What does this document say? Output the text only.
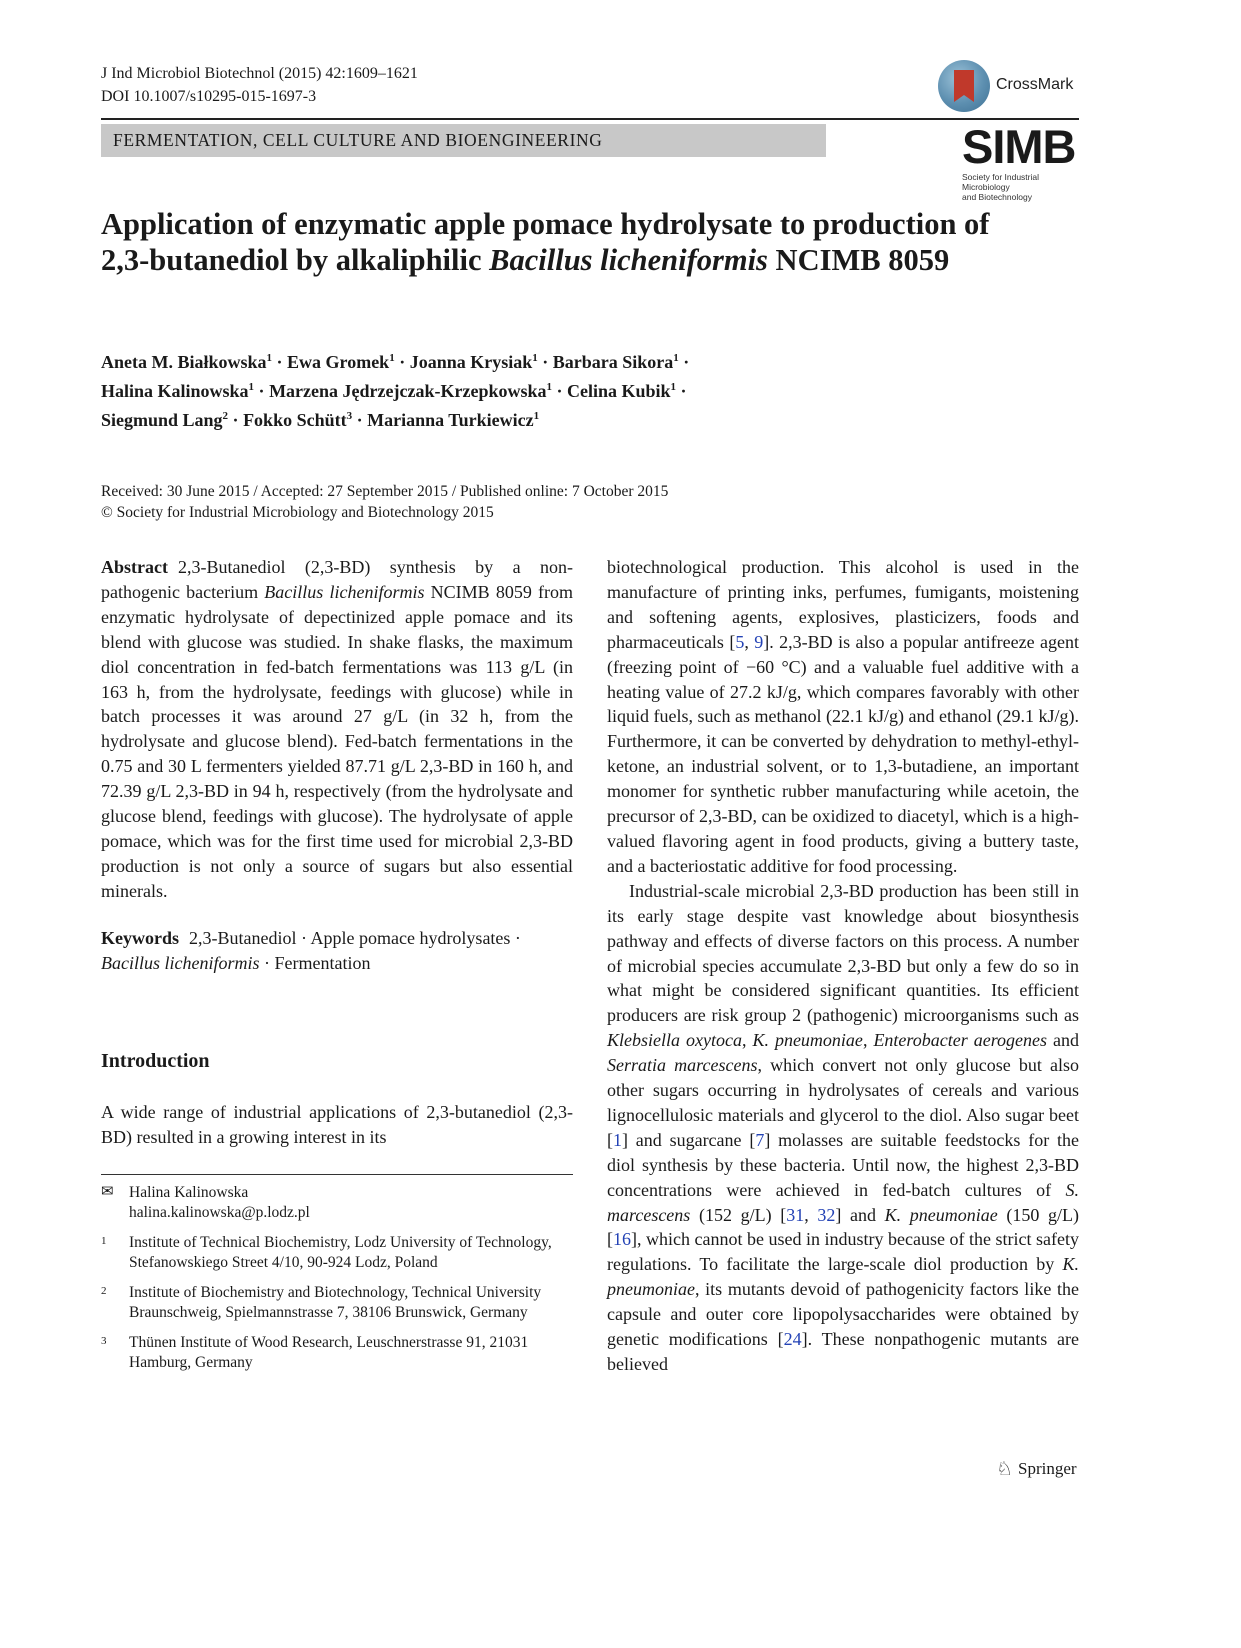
J Ind Microbiol Biotechnol (2015) 42:1609–1621
DOI 10.1007/s10295-015-1697-3
CrossMark
FERMENTATION, CELL CULTURE AND BIOENGINEERING	SIMB
Society for Industrial Microbiology
and Biotechnology
Application of enzymatic apple pomace hydrolysate to production of 2,3-butanediol by alkaliphilic Bacillus licheniformis NCIMB 8059
Aneta M. Białkowska$^1$ · Ewa Gromek$^1$ · Joanna Krysiak$^1$ · Barbara Sikora$^1$ ·
Halina Kalinowska$^1$ · Marzena Jędrzejczak-Krzepkowska$^1$ · Celina Kubik$^1$ ·
Siegmund Lang$^2$ · Fokko Schütt$^3$ · Marianna Turkiewicz$^1$
Received: 30 June 2015 / Accepted: 27 September 2015 / Published online: 7 October 2015
© Society for Industrial Microbiology and Biotechnology 2015

Abstract 2,3-Butanediol (2,3-BD) synthesis by a non-pathogenic bacterium Bacillus licheniformis NCIMB 8059 from enzymatic hydrolysate of depectinized apple pomace and its blend with glucose was studied. In shake flasks, the maximum diol concentration in fed-batch fermentations was 113 g/L (in 163 h, from the hydrolysate, feedings with glucose) while in batch processes it was around 27 g/L (in 32 h, from the hydrolysate and glucose blend). Fed-batch fermentations in the 0.75 and 30 L fermenters yielded 87.71 g/L 2,3-BD in 160 h, and 72.39 g/L 2,3-BD in 94 h, respectively (from the hydrolysate and glucose blend, feedings with glucose). The hydrolysate of apple pomace, which was for the first time used for microbial 2,3-BD production is not only a source of sugars but also essential minerals.

Keywords 2,3-Butanediol · Apple pomace hydrolysates · Bacillus licheniformis · Fermentation

Introduction
A wide range of industrial applications of 2,3-butanediol (2,3-BD) resulted in a growing interest in its
✉ Halina Kalinowska
halina.kalinowska@p.lodz.pl
1	Institute of Technical Biochemistry, Lodz University of Technology, Stefanowskiego Street 4/10, 90-924 Lodz, Poland
2	Institute of Biochemistry and Biotechnology, Technical University Braunschweig, Spielmannstrasse 7, 38106 Brunswick, Germany
3	Thünen Institute of Wood Research, Leuschnerstrasse 91, 21031 Hamburg, Germany

biotechnological production. This alcohol is used in the manufacture of printing inks, perfumes, fumigants, moistening and softening agents, explosives, plasticizers, foods and pharmaceuticals [5, 9]. 2,3-BD is also a popular antifreeze agent (freezing point of −60 °C) and a valuable fuel additive with a heating value of 27.2 kJ/g, which compares favorably with other liquid fuels, such as methanol (22.1 kJ/g) and ethanol (29.1 kJ/g). Furthermore, it can be converted by dehydration to methyl-ethyl-ketone, an industrial solvent, or to 1,3-butadiene, an important monomer for synthetic rubber manufacturing while acetoin, the precursor of 2,3-BD, can be oxidized to diacetyl, which is a high-valued flavoring agent in food products, giving a buttery taste, and a bacteriostatic additive for food processing.

Industrial-scale microbial 2,3-BD production has been still in its early stage despite vast knowledge about biosynthesis pathway and effects of diverse factors on this process. A number of microbial species accumulate 2,3-BD but only a few do so in what might be considered significant quantities. Its efficient producers are risk group 2 (pathogenic) microorganisms such as Klebsiella oxytoca, K. pneumoniae, Enterobacter aerogenes and Serratia marcescens, which convert not only glucose but also other sugars occurring in hydrolysates of cereals and various lignocellulosic materials and glycerol to the diol. Also sugar beet [1] and sugarcane [7] molasses are suitable feedstocks for the diol synthesis by these bacteria. Until now, the highest 2,3-BD concentrations were achieved in fed-batch cultures of S. marcescens (152 g/L) [31, 32] and K. pneumoniae (150 g/L) [16], which cannot be used in industry because of the strict safety regulations. To facilitate the large-scale diol production by K. pneumoniae, its mutants devoid of pathogenicity factors like the capsule and outer core lipopolysaccharides were obtained by genetic modifications [24]. These nonpathogenic mutants are believed

♘ Springer
